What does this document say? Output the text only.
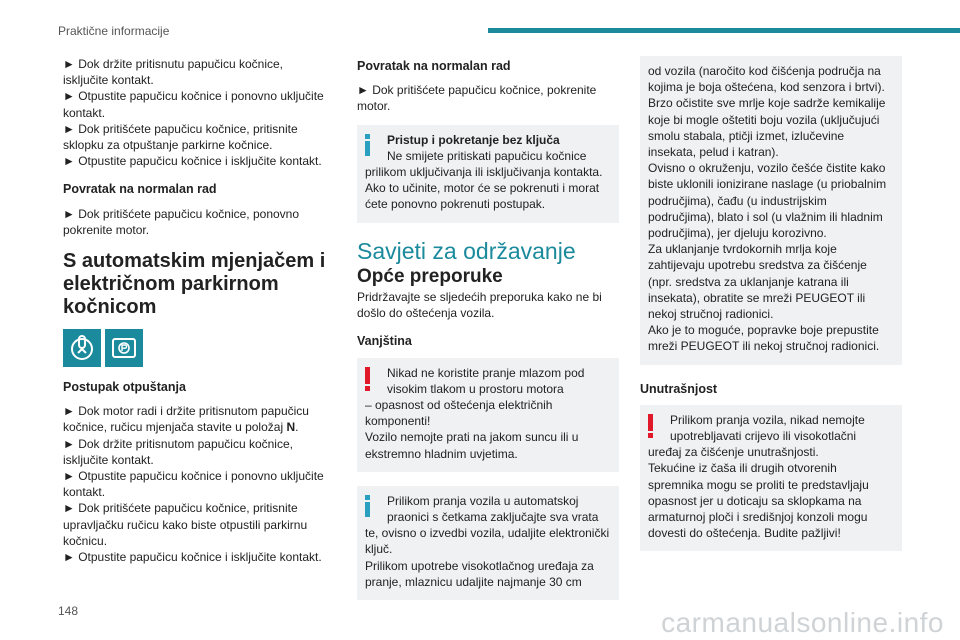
Praktične informacije

► Dok držite pritisnutu papučicu kočnice, isključite kontakt.

► Otpustite papučicu kočnice i ponovno uključite kontakt.

► Dok pritišćete papučicu kočnice, pritisnite sklopku za otpuštanje parkirne kočnice.

► Otpustite papučicu kočnice i isključite kontakt.

Povratak na normalan rad

► Dok pritišćete papučicu kočnice, ponovno pokrenite motor.

S automatskim mjenjačem i električnom parkirnom kočnicom
Postupak otpuštanja

► Dok motor radi i držite pritisnutom papučicu kočnice, ručicu mjenjača stavite u položaj N.

► Dok držite pritisnutom papučicu kočnice, isključite kontakt.

► Otpustite papučicu kočnice i ponovno uključite kontakt.

► Dok pritišćete papučicu kočnice, pritisnite upravljačku ručicu kako biste otpustili parkirnu kočnicu.

► Otpustite papučicu kočnice i isključite kontakt.

Povratak na normalan rad

► Dok pritišćete papučicu kočnice, pokrenite motor.

Pristup i pokretanje bez ključa
Ne smijete pritiskati papučicu kočnice
prilikom uključivanja ili isključivanja kontakta. Ako to učinite, motor će se pokrenuti i morat ćete ponovno pokrenuti postupak.
Savjeti za održavanje
Opće preporuke

Pridržavajte se sljedećih preporuka kako ne bi došlo do oštećenja vozila.

Vanjština
Nikad ne koristite pranje mlazom pod visokim tlakom u prostoru motora
– opasnost od oštećenja električnih komponenti!
Vozilo nemojte prati na jakom suncu ili u ekstremno hladnim uvjetima.
Prilikom pranja vozila u automatskoj praonici s četkama zaključajte sva vrata
te, ovisno o izvedbi vozila, udaljite elektronički ključ.
Prilikom upotrebe visokotlačnog uređaja za pranje, mlaznicu udaljite najmanje 30 cm
od vozila (naročito kod čišćenja područja na kojima je boja oštećena, kod senzora i brtvi).
Brzo očistite sve mrlje koje sadrže kemikalije koje bi mogle oštetiti boju vozila (uključujući smolu stabala, ptičji izmet, izlučevine insekata, pelud i katran).
Ovisno o okruženju, vozilo češće čistite kako biste uklonili ionizirane naslage (u priobalnim područjima), čađu (u industrijskim područjima), blato i sol (u vlažnim ili hladnim područjima), jer djeluju korozivno.
Za uklanjanje tvrdokornih mrlja koje zahtijevaju upotrebu sredstva za čišćenje (npr. sredstva za uklanjanje katrana ili insekata), obratite se mreži PEUGEOT ili nekoj stručnoj radionici.
Ako je to moguće, popravke boje prepustite mreži PEUGEOT ili nekoj stručnoj radionici.
Unutrašnjost
Prilikom pranja vozila, nikad nemojte upotrebljavati crijevo ili visokotlačni
uređaj za čišćenje unutrašnjosti.
Tekućine iz čaša ili drugih otvorenih spremnika mogu se proliti te predstavljaju opasnost jer u doticaju sa sklopkama na armaturnoj ploči i središnjoj konzoli mogu dovesti do oštećenja. Budite pažljivi!
148	carmanualsonline.info
